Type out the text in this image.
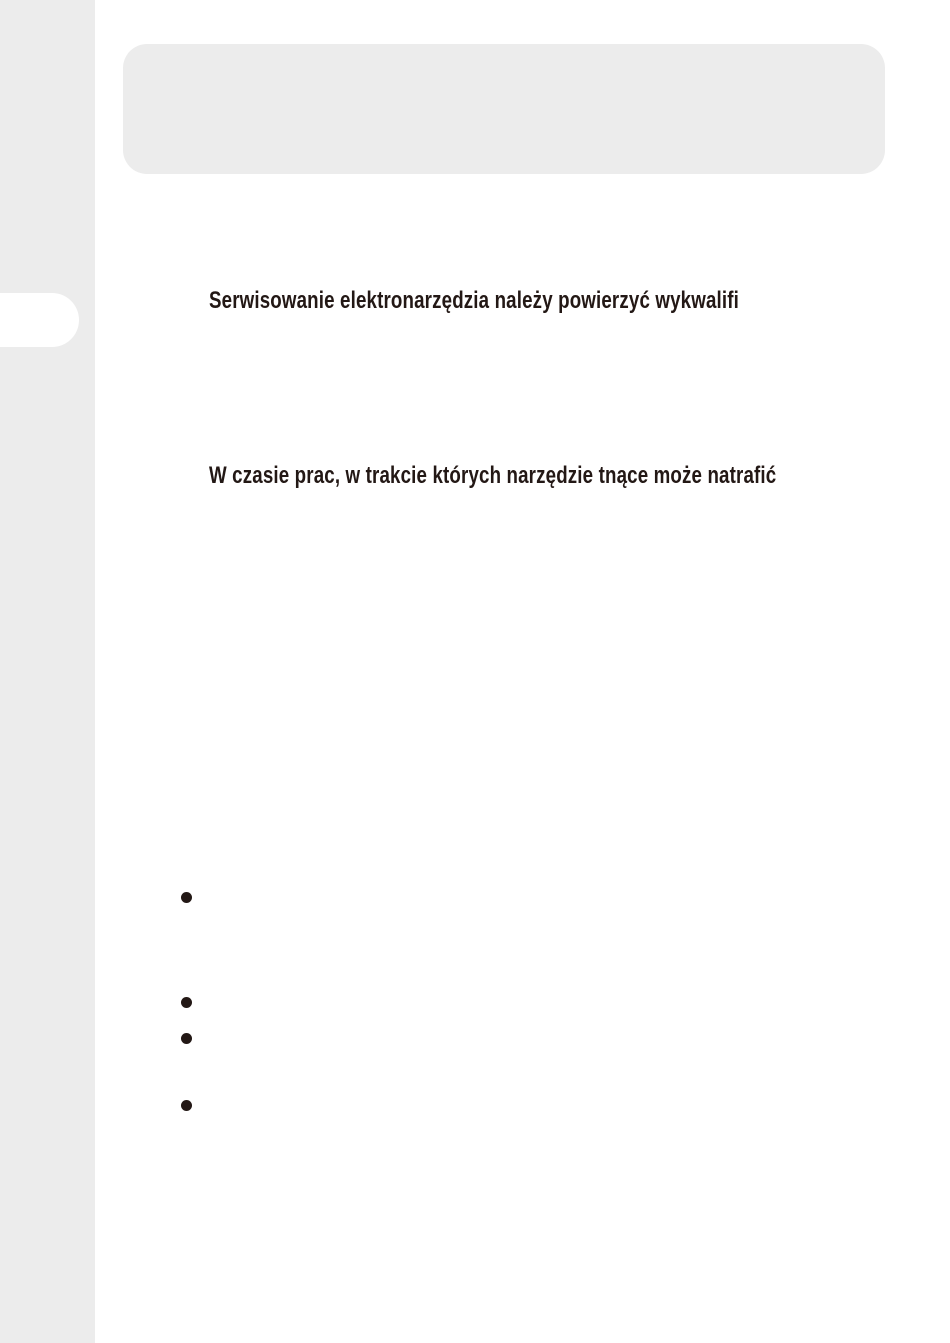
Serwisowanie elektronarzędzia należy powierzyć wykwalifi
W czasie prac, w trakcie których narzędzie tnące może natrafić
